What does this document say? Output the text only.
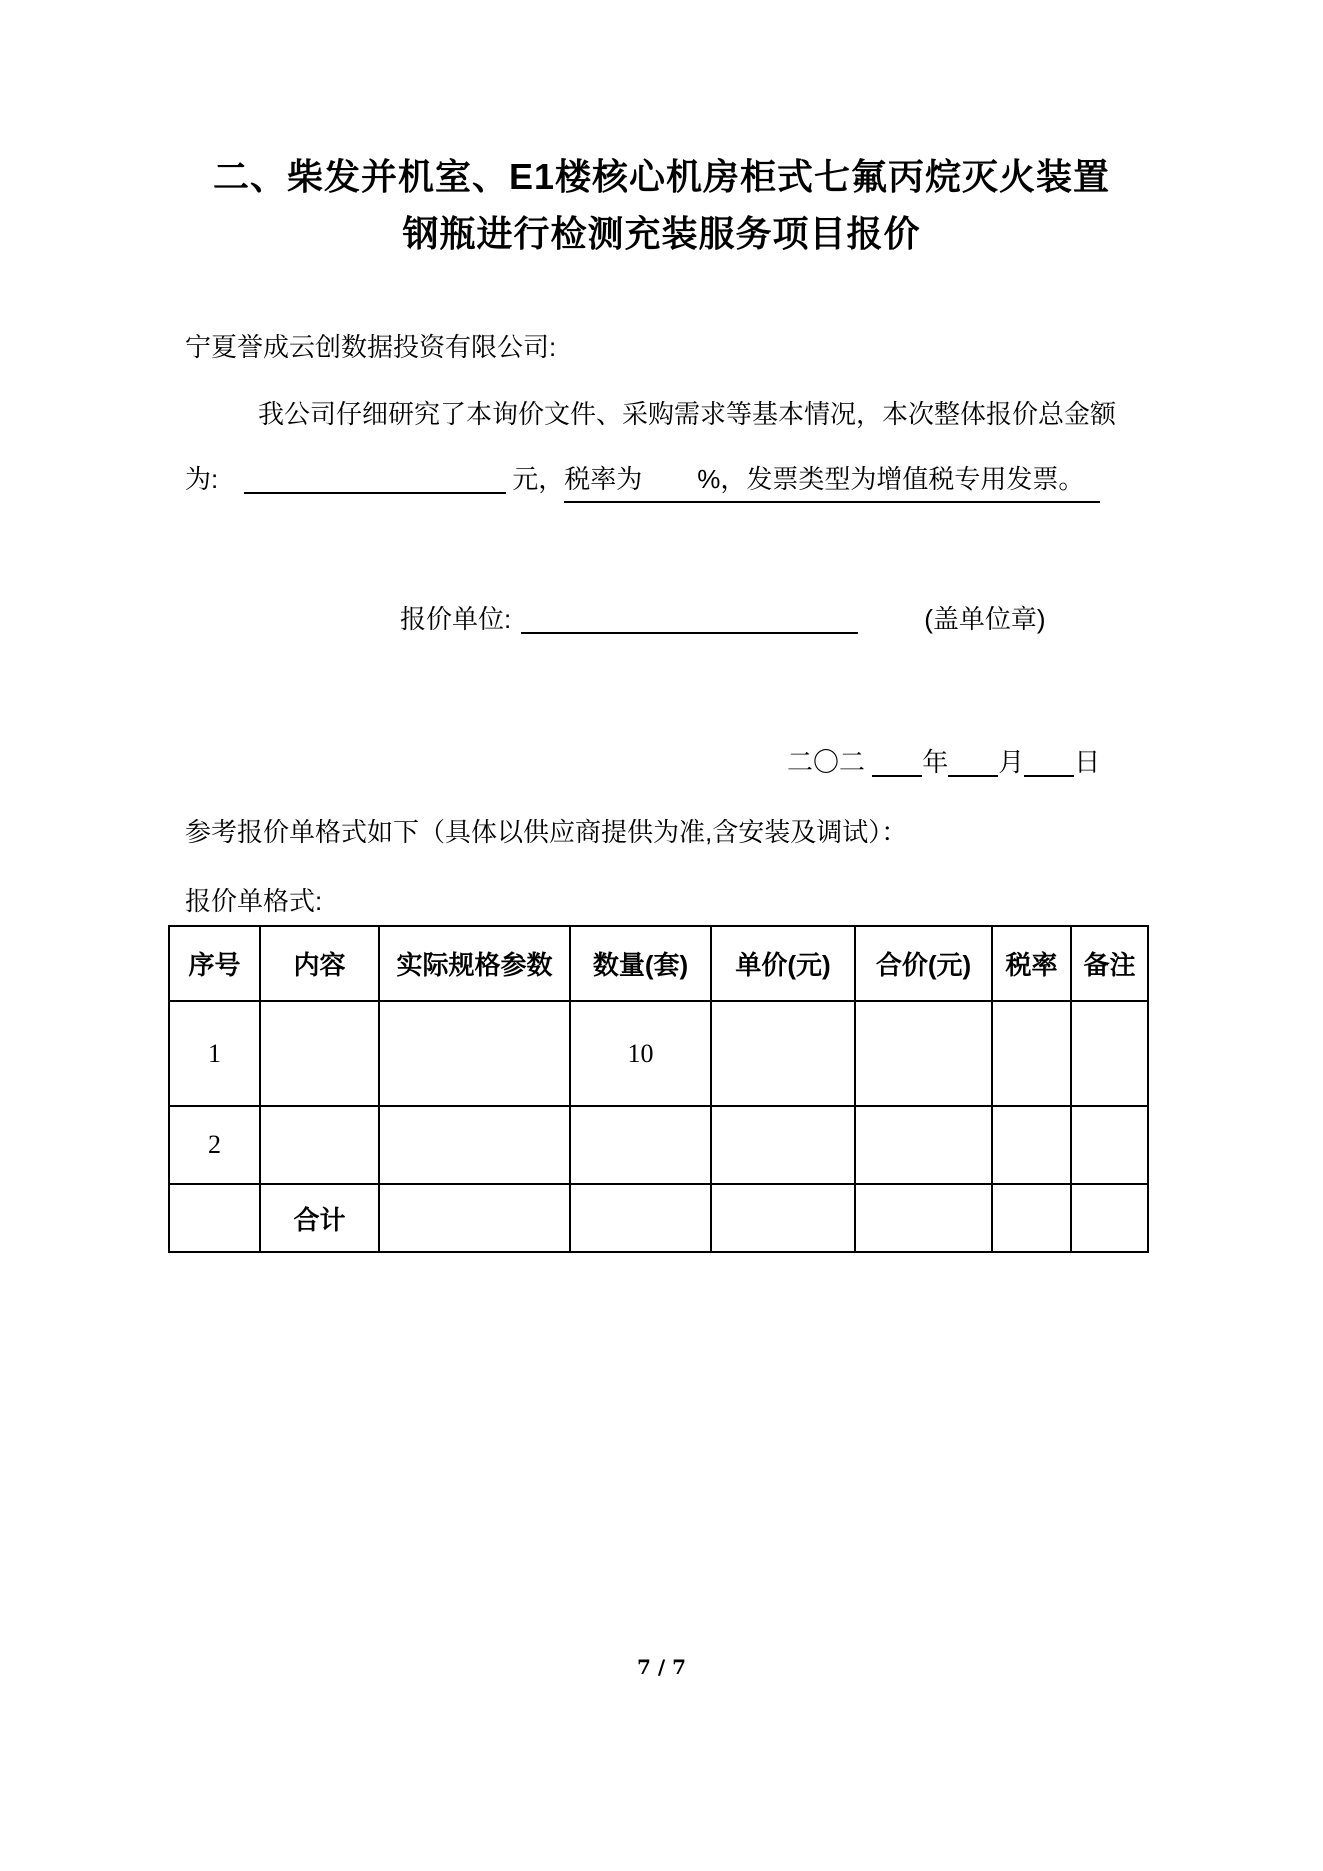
二、柴发并机室、E1楼核心机房柜式七氟丙烷灭火装置
钢瓶进行检测充装服务项目报价
宁夏誉成云创数据投资有限公司:
我公司仔细研究了本询价文件、采购需求等基本情况，本次整体报价总金额
为:	元，税率为 %，发票类型为增值税专用发票。
报价单位:	(盖单位章)
二〇二 年 月 日
参考报价单格式如下（具体以供应商提供为准,含安装及调试）：
报价单格式:
序号	内容	实际规格参数	数量(套)	单价(元)	合价(元)	税率	备注
1			10				
2							
	合计						
7 / 7
